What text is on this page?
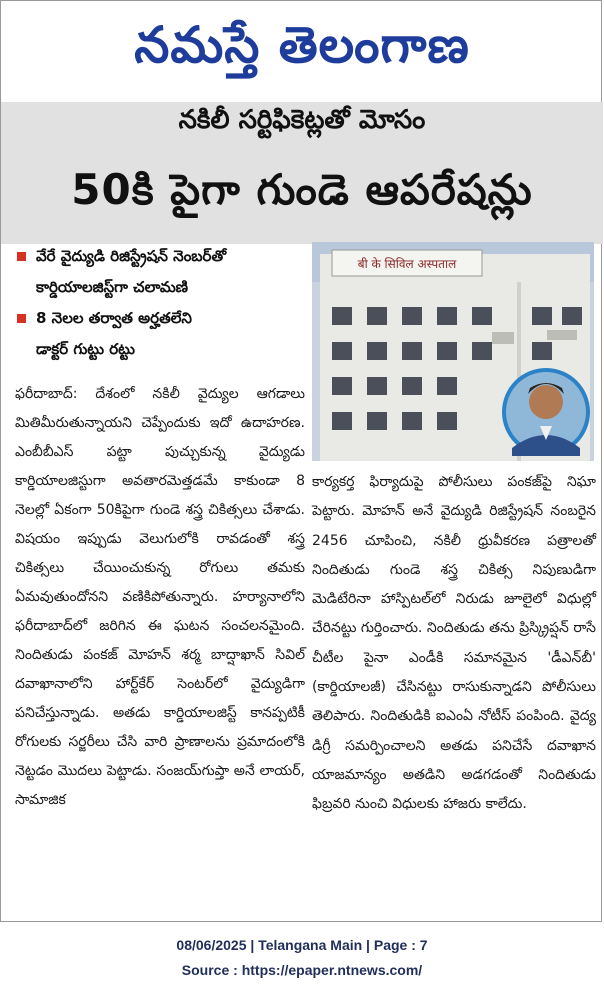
నమస్తే తెలంగాణ
నకిలీ సర్టిఫికెట్లతో మోసం
50కి పైగా గుండె ఆపరేషన్లు
వేరే వైద్యుడి రిజిస్ట్రేషన్ నెంబర్‌తో
కార్డియాలజిస్ట్‌గా చలామణి
8 నెలల తర్వాత అర్హతలేని
డాక్టర్ గుట్టు రట్టు
बी के सिविल अस्पताल
ఫరీదాబాద్: దేశంలో నకిలీ వైద్యుల ఆగడాలు మితిమీరుతున్నాయని చెప్పేందుకు ఇదో ఉదాహరణ. ఎంబీబీఎస్ పట్టా పుచ్చుకున్న వైద్యుడు కార్డియాలజిస్టుగా అవతారమెత్తడమే కాకుండా 8 నెలల్లో ఏకంగా 50కిపైగా గుండె శస్త్ర చికిత్సలు చేశాడు. విషయం ఇప్పుడు వెలుగులోకి రావడంతో శస్త్ర చికిత్సలు చేయించుకున్న రోగులు తమకు ఏమవుతుందోనని వణికిపోతున్నారు. హర్యానాలోని ఫరీదాబాద్‌లో జరిగిన ఈ ఘటన సంచలనమైంది. నిందితుడు పంకజ్ మోహన్ శర్మ బాద్షాఖాన్ సివిల్ దవాఖానాలోని హార్ట్‌కేర్ సెంటర్‌లో వైద్యుడిగా పనిచేస్తున్నాడు. అతడు కార్డియాలజిస్ట్ కానప్పటికీ రోగులకు సర్జరీలు చేసి వారి ప్రాణాలను ప్రమాదంలోకి నెట్టడం మొదలు పెట్టాడు. సంజయ్‌గుప్తా అనే లాయర్, సామాజిక
కార్యకర్త ఫిర్యాదుపై పోలీసులు పంకజ్‌పై నిఘా పెట్టారు. మోహన్ అనే వైద్యుడి రిజిస్ట్రేషన్ నంబరైన 2456 చూపించి, నకిలీ ధ్రువీకరణ పత్రాలతో నిందితుడు గుండె శస్త్ర చికిత్స నిపుణుడిగా మెడిటేరినా హాస్పిటల్‌లో నిరుడు జూలైలో విధుల్లో చేరినట్టు గుర్తించారు. నిందితుడు తను ప్రిస్క్రిప్షన్ రాసే చీటీల పైనా ఎండీకి సమానమైన 'డీఎన్‌బీ' (కార్డియాలజీ) చేసినట్టు రాసుకున్నాడని పోలీసులు తెలిపారు. నిందితుడికి ఐఎంఏ నోటీస్ పంపింది. వైద్య డిగ్రీ సమర్పించాలని అతడు పనిచేసే దవాఖాన యాజమాన్యం అతడిని అడగడంతో నిందితుడు ఫిబ్రవరి నుంచి విధులకు హాజరు కాలేదు.
08/06/2025 | Telangana Main | Page : 7
Source : https://epaper.ntnews.com/
